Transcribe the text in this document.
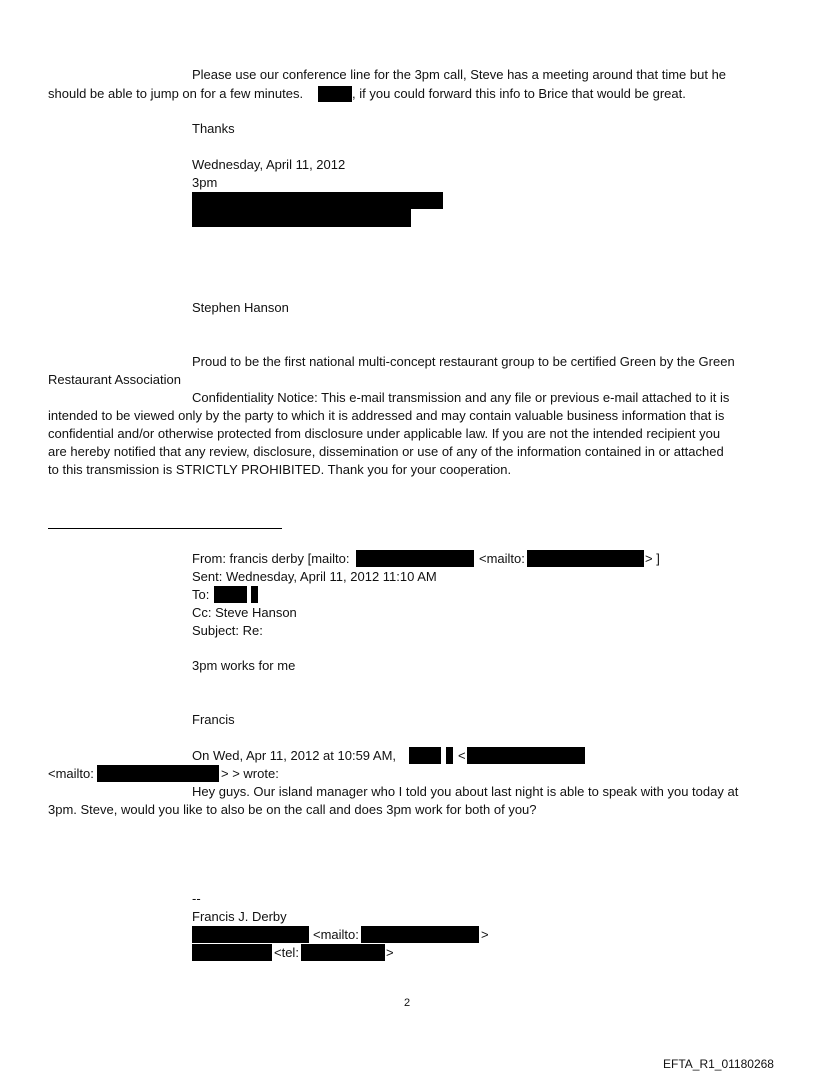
Please use our conference line for the 3pm call, Steve has a meeting around that time but he
should be able to jump on for a few minutes.	, if you could forward this info to Brice that would be great.
Thanks
Wednesday, April 11, 2012
3pm
Stephen Hanson
Proud to be the first national multi-concept restaurant group to be certified Green by the Green
Restaurant Association
Confidentiality Notice: This e-mail transmission and any file or previous e-mail attached to it is
intended to be viewed only by the party to which it is addressed and may contain valuable business information that is
confidential and/or otherwise protected from disclosure under applicable law. If you are not the intended recipient you
are hereby notified that any review, disclosure, dissemination or use of any of the information contained in or attached
to this transmission is STRICTLY PROHIBITED. Thank you for your cooperation.
From: francis derby [mailto:	<mailto:	> ]
Sent: Wednesday, April 11, 2012 11:10 AM
To:
Cc: Steve Hanson
Subject: Re:
3pm works for me
Francis
On Wed, Apr 11, 2012 at 10:59 AM,	<
<mailto:	> > wrote:
Hey guys. Our island manager who I told you about last night is able to speak with you today at
3pm. Steve, would you like to also be on the call and does 3pm work for both of you?
--
Francis J. Derby
<mailto:	>
<tel:	>
2
EFTA_R1_01180268
